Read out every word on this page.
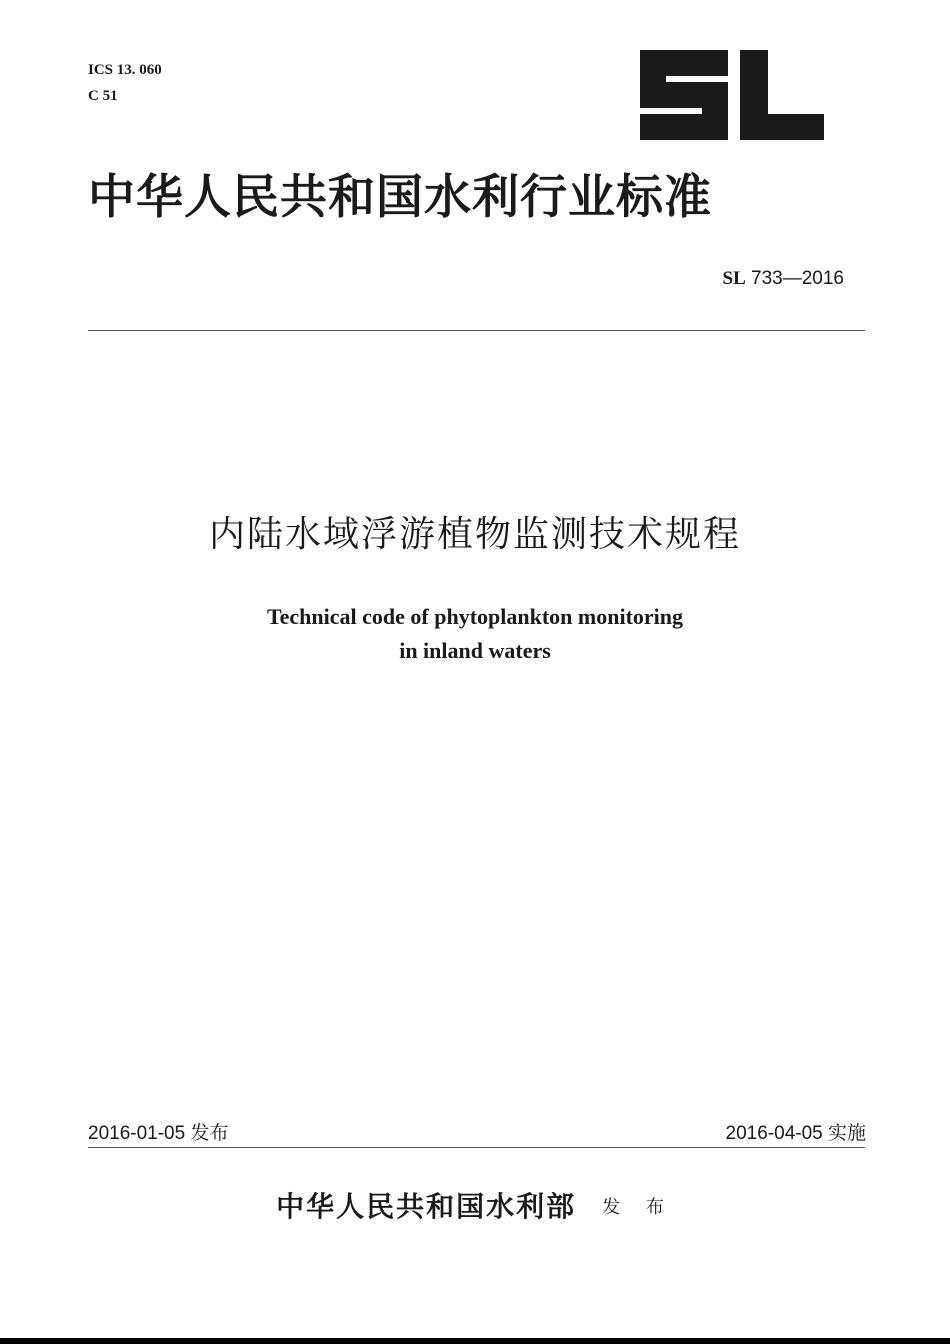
ICS 13. 060
C 51
中华人民共和国水利行业标准
SL 733—2016
内陆水域浮游植物监测技术规程
Technical code of phytoplankton monitoring
in inland waters
2016-01-05 发布	2016-04-05 实施
中华人民共和国水利部 发 布
